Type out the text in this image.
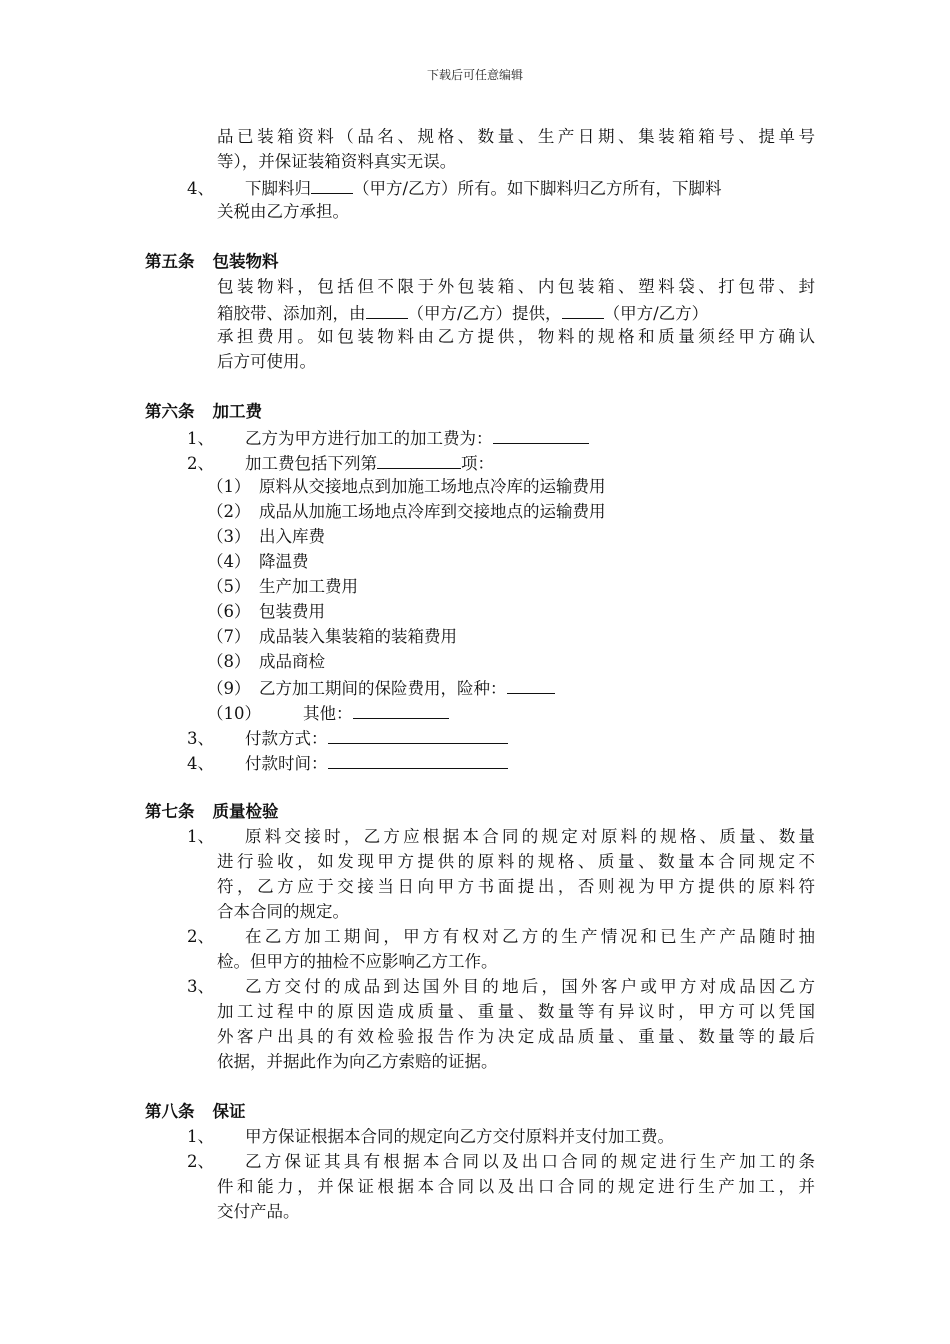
下载后可任意编辑
品已装箱资料（品名、规格、数量、生产日期、集装箱箱号、提单号
等），并保证装箱资料真实无误。
4、 下脚料归	（甲方/乙方）所有。如下脚料归乙方所有，下脚料
关税由乙方承担。
第五条 包装物料
包装物料，包括但不限于外包装箱、内包装箱、塑料袋、打包带、封
箱胶带、添加剂，由	（甲方/乙方）提供，	（甲方/乙方）
承担费用。如包装物料由乙方提供，物料的规格和质量须经甲方确认
后方可使用。
第六条 加工费
1、 乙方为甲方进行加工的加工费为：
2、 加工费包括下列第	项：
（1） 原料从交接地点到加施工场地点冷库的运输费用
（2） 成品从加施工场地点冷库到交接地点的运输费用
（3） 出入库费
（4） 降温费
（5） 生产加工费用
（6） 包装费用
（7） 成品装入集装箱的装箱费用
（8） 成品商检
（9） 乙方加工期间的保险费用，险种：
（10）	其他：
3、 付款方式：
4、 付款时间：
第七条 质量检验
1、	原料交接时，乙方应根据本合同的规定对原料的规格、质量、数量
进行验收，如发现甲方提供的原料的规格、质量、数量本合同规定不
符，乙方应于交接当日向甲方书面提出，否则视为甲方提供的原料符
合本合同的规定。
2、	在乙方加工期间，甲方有权对乙方的生产情况和已生产产品随时抽
检。但甲方的抽检不应影响乙方工作。
3、	乙方交付的成品到达国外目的地后，国外客户或甲方对成品因乙方
加工过程中的原因造成质量、重量、数量等有异议时，甲方可以凭国
外客户出具的有效检验报告作为决定成品质量、重量、数量等的最后
依据，并据此作为向乙方索赔的证据。
第八条 保证
1、 甲方保证根据本合同的规定向乙方交付原料并支付加工费。
2、	乙方保证其具有根据本合同以及出口合同的规定进行生产加工的条
件和能力，并保证根据本合同以及出口合同的规定进行生产加工，并
交付产品。
